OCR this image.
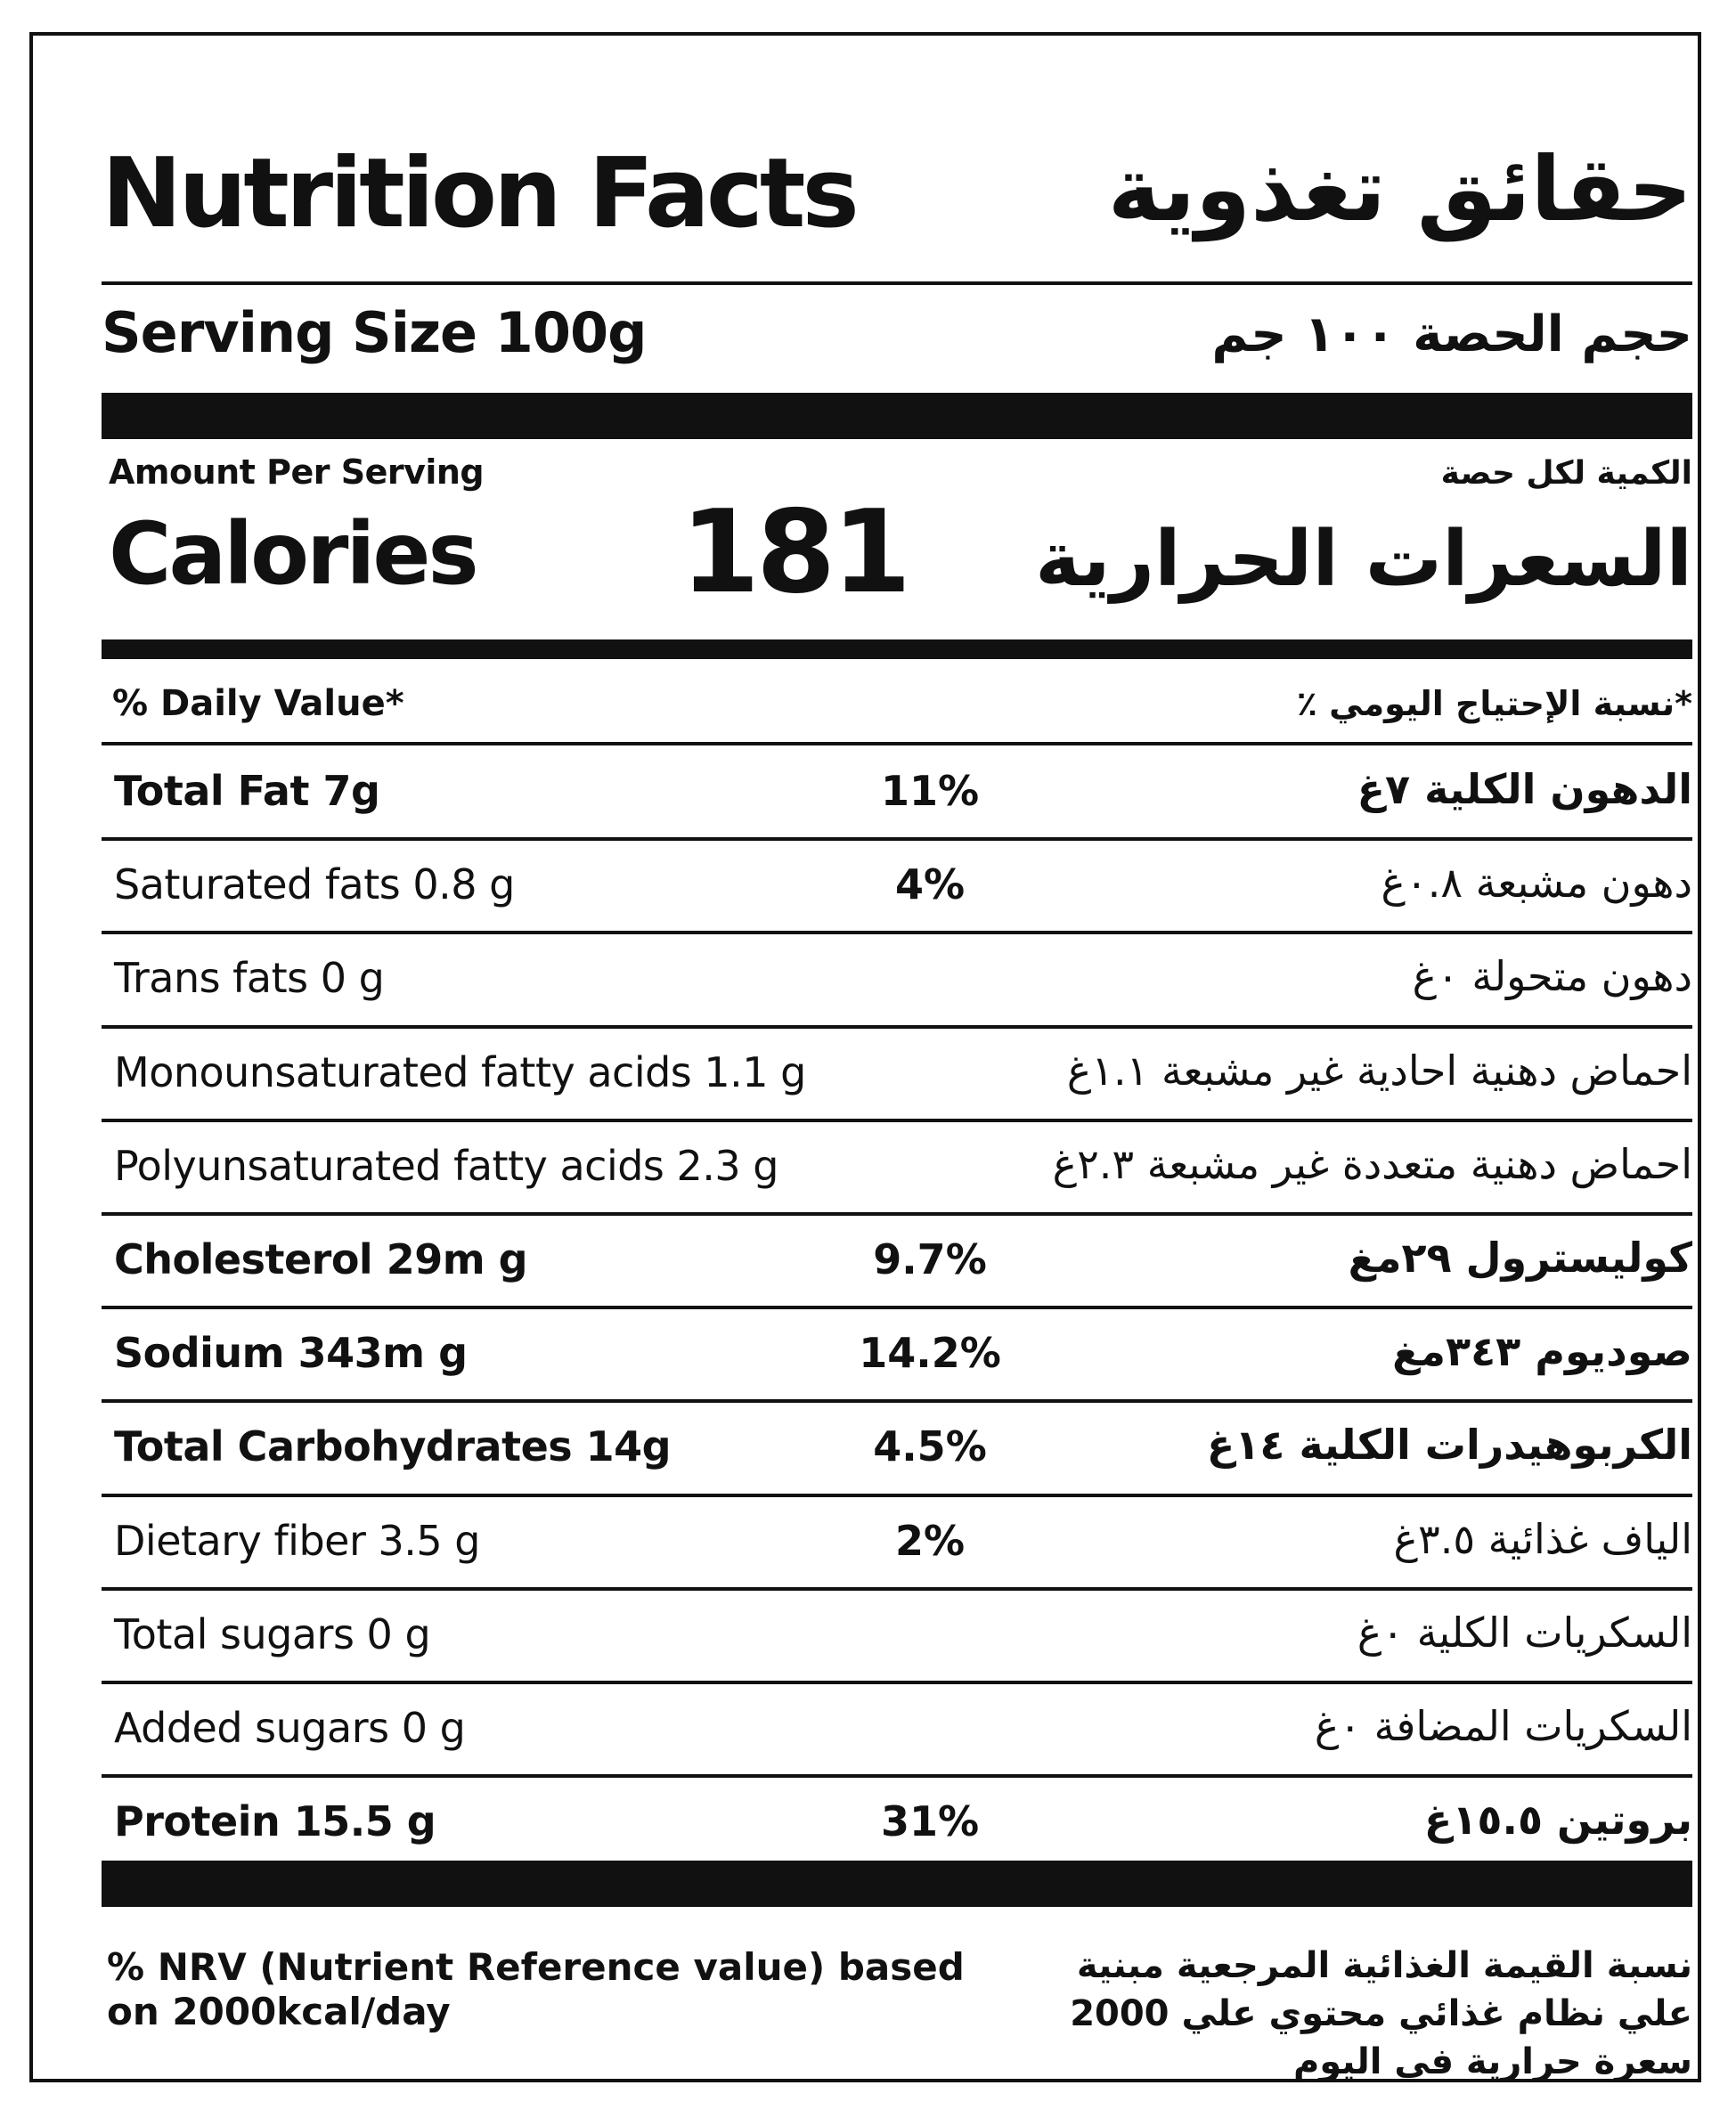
Nutrition Facts	حقائق تغذوية
Serving Size 100g	حجم الحصة ١٠٠ جم
Amount Per Serving	الكمية لكل حصة
Calories 181 السعرات الحرارية
% Daily Value*	*نسبة الإحتياج اليومي ٪
Total Fat 7g	11%	الدهون الكلية ٧غ
Saturated fats 0.8 g	4%	دهون مشبعة ٠.٨غ
Trans fats 0 g	دهون متحولة ٠غ
Monounsaturated fatty acids 1.1 g	احماض دهنية احادية غير مشبعة ١.١غ
Polyunsaturated fatty acids 2.3 g	احماض دهنية متعددة غير مشبعة ٢.٣غ
Cholesterol 29m g	9.7%	كوليسترول ٢٩مغ
Sodium 343m g	14.2%	صوديوم ٣٤٣مغ
Total Carbohydrates 14g	4.5%	الكربوهيدرات الكلية ١٤غ
Dietary fiber 3.5 g	2%	الياف غذائية ٣.٥غ
Total sugars 0 g	السكريات الكلية ٠غ
Added sugars 0 g	السكريات المضافة ٠غ
Protein 15.5 g	31%	بروتين ١٥.٥غ
% NRV (Nutrient Reference value) based on 2000kcal/day
نسبة القيمة الغذائية المرجعية مبنية علي نظام غذائي محتوي علي 2000 سعرة حرارية في اليوم
